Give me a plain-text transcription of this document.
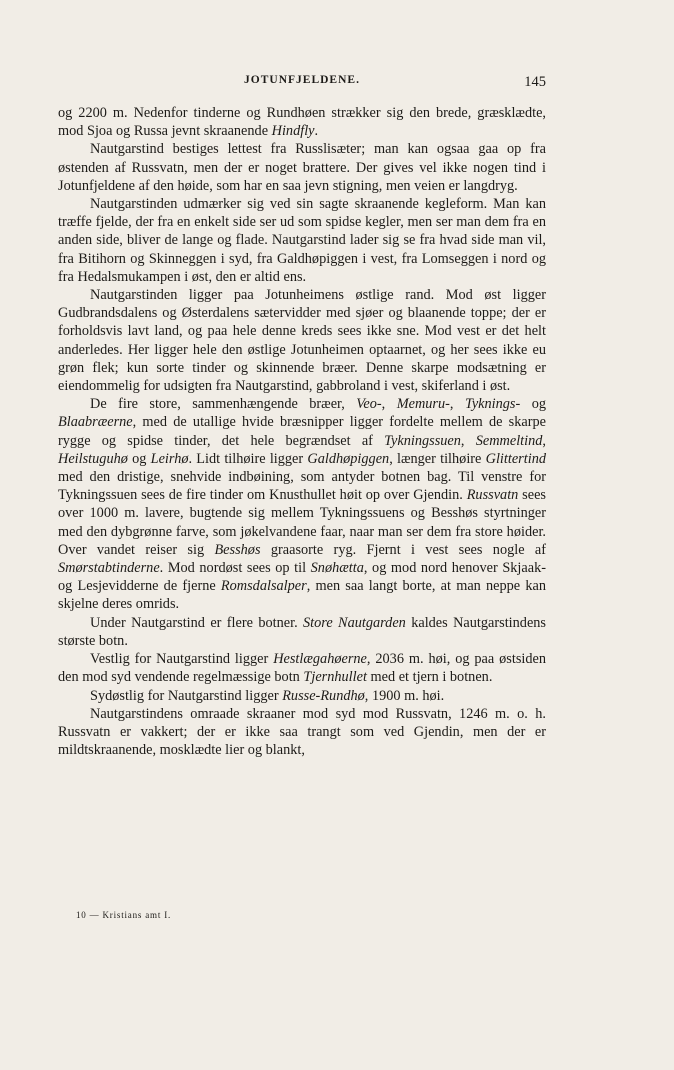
JOTUNFJELDENE.	145

og 2200 m. Nedenfor tinderne og Rundhøen strækker sig den brede, græsklædte, mod Sjoa og Russa jevnt skraanende Hindfly.

Nautgarstind bestiges lettest fra Russlisæter; man kan ogsaa gaa op fra østenden af Russvatn, men der er noget brattere. Der gives vel ikke nogen tind i Jotunfjeldene af den høide, som har en saa jevn stigning, men veien er langdryg.

Nautgarstinden udmærker sig ved sin sagte skraanende kegleform. Man kan træffe fjelde, der fra en enkelt side ser ud som spidse kegler, men ser man dem fra en anden side, bliver de lange og flade. Nautgarstind lader sig se fra hvad side man vil, fra Bitihorn og Skinneggen i syd, fra Galdhøpiggen i vest, fra Lomseggen i nord og fra Hedalsmukampen i øst, den er altid ens.

Nautgarstinden ligger paa Jotunheimens østlige rand. Mod øst ligger Gudbrandsdalens og Østerdalens sætervidder med sjøer og blaanende toppe; der er forholdsvis lavt land, og paa hele denne kreds sees ikke sne. Mod vest er det helt anderledes. Her ligger hele den østlige Jotunheimen optaarnet, og her sees ikke eu grøn flek; kun sorte tinder og skinnende bræer. Denne skarpe modsætning er eiendommelig for udsigten fra Nautgarstind, gabbroland i vest, skiferland i øst.

De fire store, sammenhængende bræer, Veo-, Memuru-, Tyknings- og Blaabræerne, med de utallige hvide bræsnipper ligger fordelte mellem de skarpe rygge og spidse tinder, det hele begrændset af Tykningssuen, Semmeltind, Heilstuguhø og Leirhø. Lidt tilhøire ligger Galdhøpiggen, længer tilhøire Glittertind med den dristige, snehvide indbøining, som antyder botnen bag. Til venstre for Tykningssuen sees de fire tinder om Knusthullet høit op over Gjendin. Russvatn sees over 1000 m. lavere, bugtende sig mellem Tykningssuens og Besshøs styrtninger med den dybgrønne farve, som jøkelvandene faar, naar man ser dem fra store høider. Over vandet reiser sig Besshøs graasorte ryg. Fjernt i vest sees nogle af Smørstabtinderne. Mod nordøst sees op til Snøhætta, og mod nord henover Skjaak- og Lesjevidderne de fjerne Romsdalsalper, men saa langt borte, at man neppe kan skjelne deres omrids.

Under Nautgarstind er flere botner. Store Nautgarden kaldes Nautgarstindens største botn.

Vestlig for Nautgarstind ligger Hestlægahøerne, 2036 m. høi, og paa østsiden den mod syd vendende regelmæssige botn Tjernhullet med et tjern i botnen.

Sydøstlig for Nautgarstind ligger Russe-Rundhø, 1900 m. høi.

Nautgarstindens omraade skraaner mod syd mod Russvatn, 1246 m. o. h. Russvatn er vakkert; der er ikke saa trangt som ved Gjendin, men der er mildtskraanende, mosklædte lier og blankt,

10 — Kristians amt I.
